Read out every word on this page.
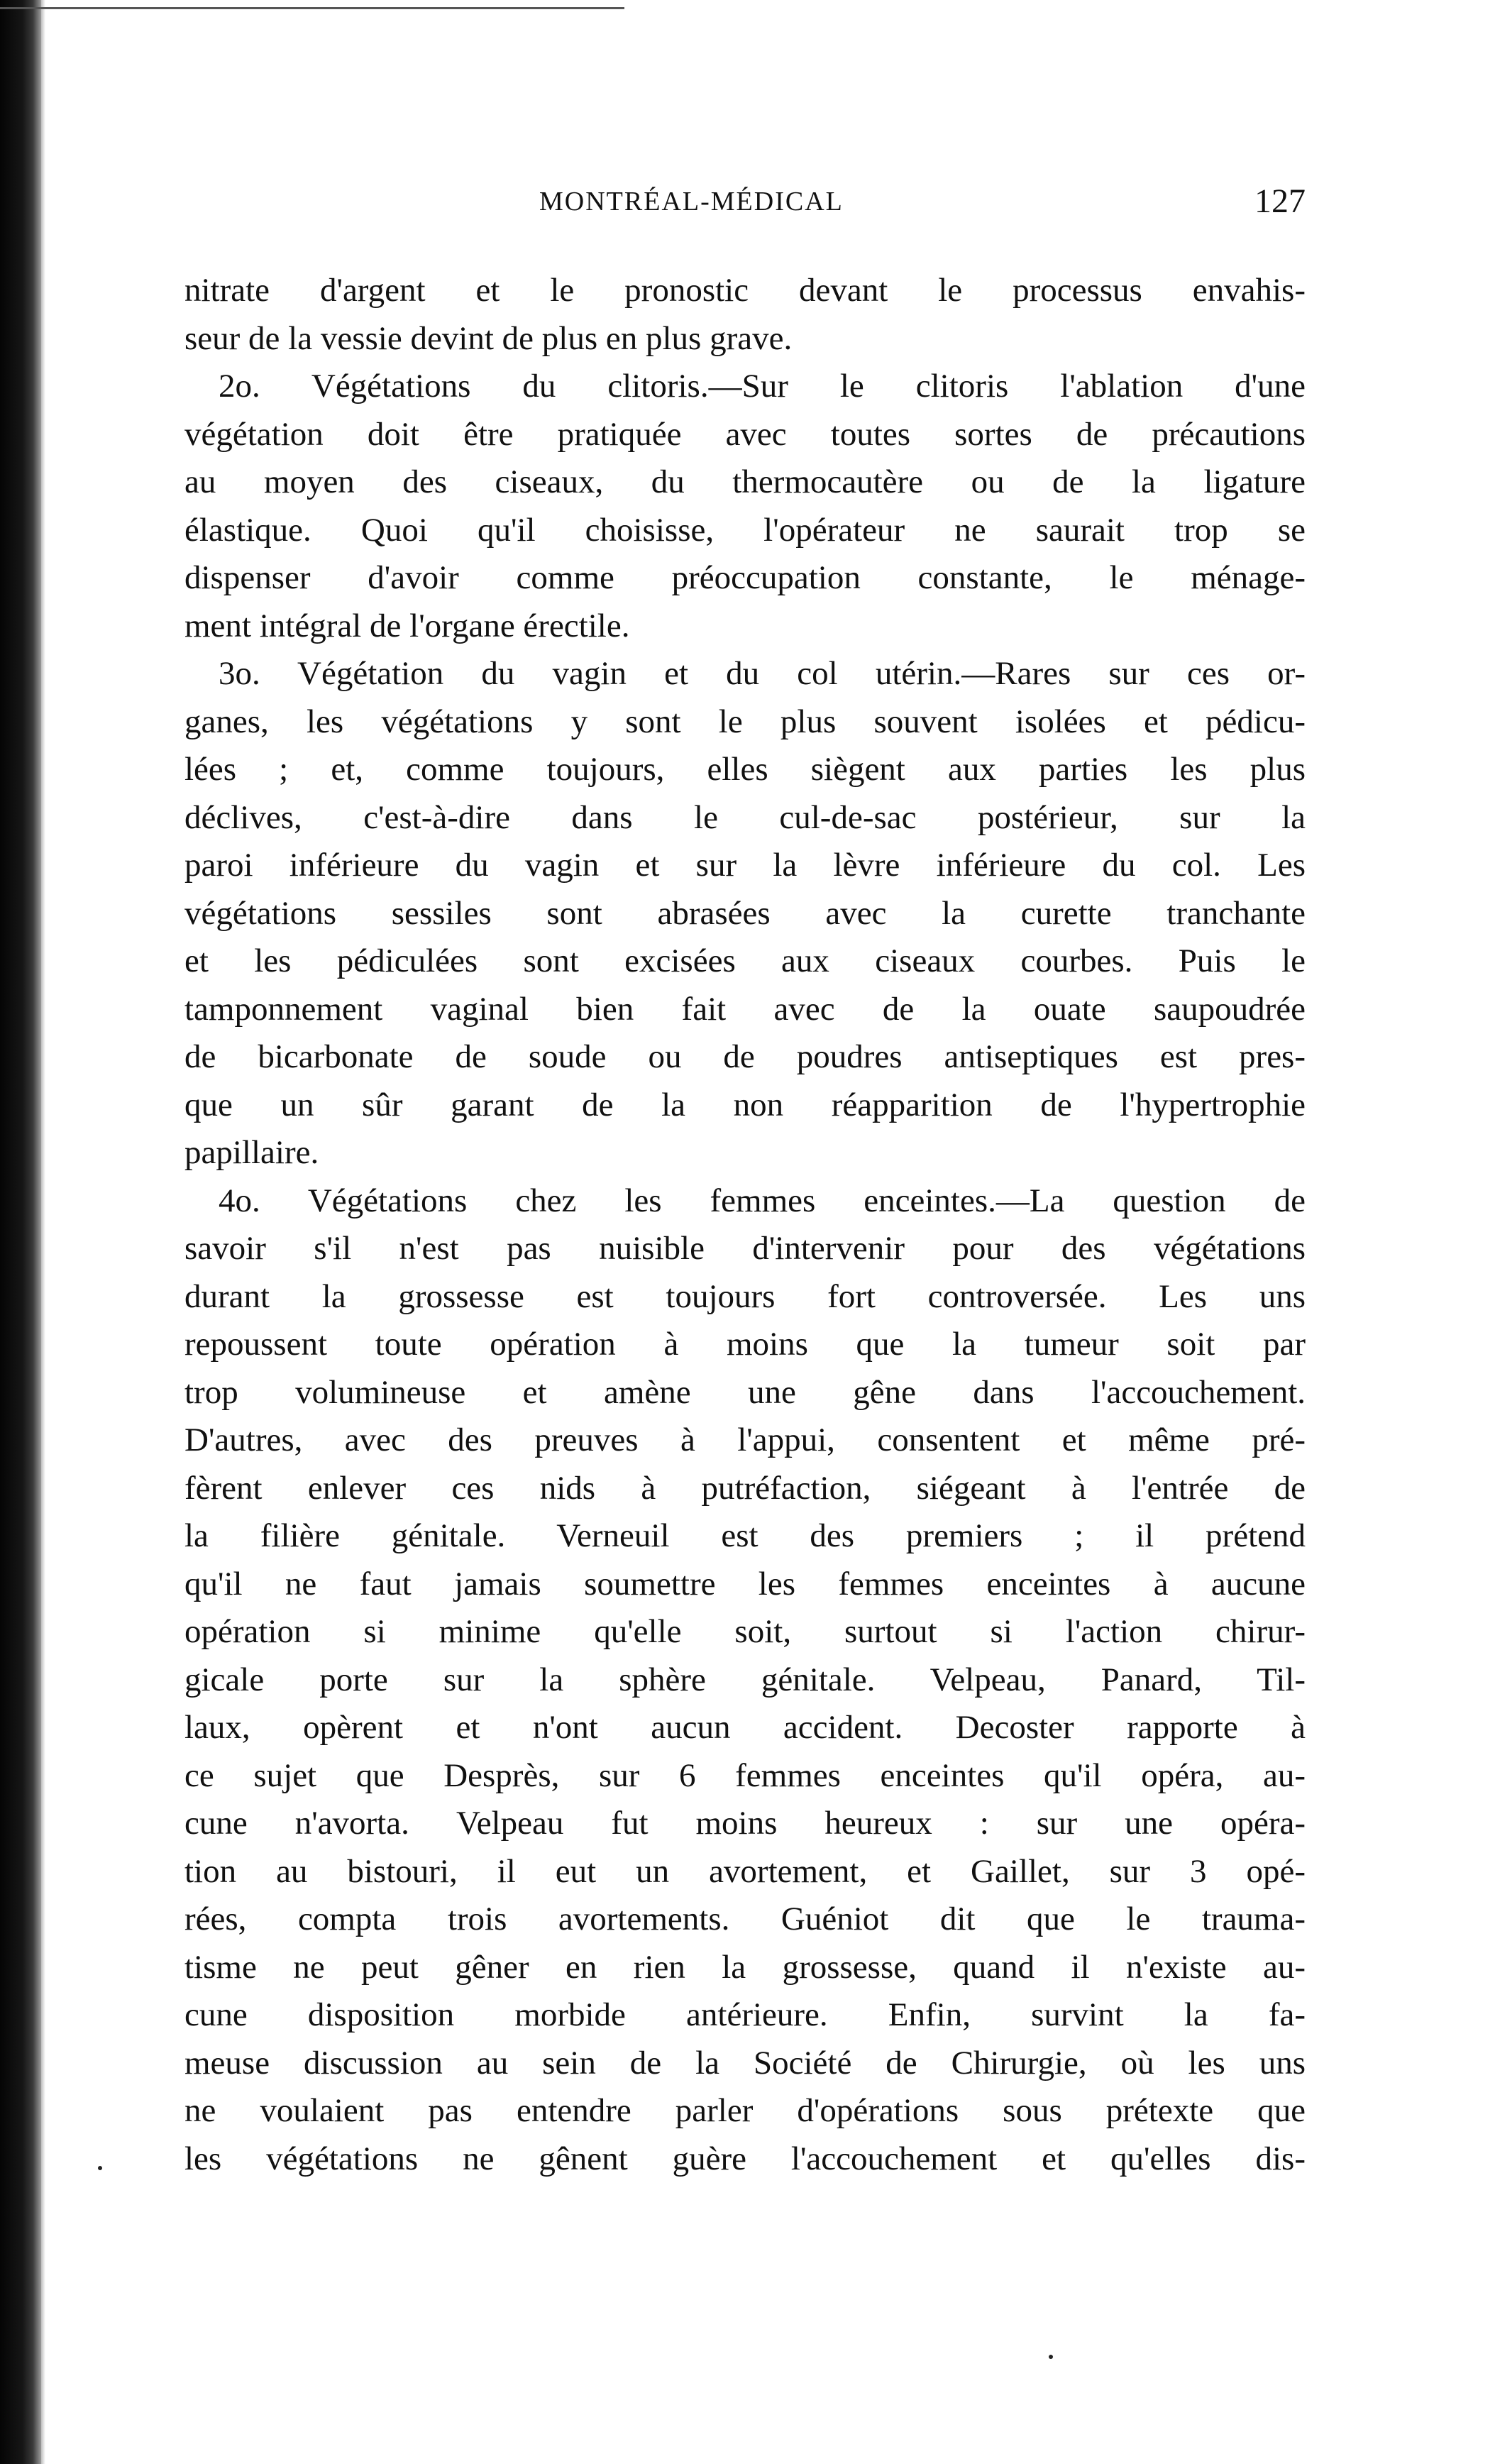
MONTRÉAL-MÉDICAL	127
nitrate d'argent et le pronostic devant le processus envahis-
seur de la vessie devint de plus en plus grave.
2o. Végétations du clitoris.—Sur le clitoris l'ablation d'une
végétation doit être pratiquée avec toutes sortes de précautions
au moyen des ciseaux, du thermocautère ou de la ligature
élastique. Quoi qu'il choisisse, l'opérateur ne saurait trop se
dispenser d'avoir comme préoccupation constante, le ménage-
ment intégral de l'organe érectile.
3o. Végétation du vagin et du col utérin.—Rares sur ces or-
ganes, les végétations y sont le plus souvent isolées et pédicu-
lées ; et, comme toujours, elles siègent aux parties les plus
déclives, c'est-à-dire dans le cul-de-sac postérieur, sur la
paroi inférieure du vagin et sur la lèvre inférieure du col. Les
végétations sessiles sont abrasées avec la curette tranchante
et les pédiculées sont excisées aux ciseaux courbes. Puis le
tamponnement vaginal bien fait avec de la ouate saupoudrée
de bicarbonate de soude ou de poudres antiseptiques est pres-
que un sûr garant de la non réapparition de l'hypertrophie
papillaire.
4o. Végétations chez les femmes enceintes.—La question de
savoir s'il n'est pas nuisible d'intervenir pour des végétations
durant la grossesse est toujours fort controversée. Les uns
repoussent toute opération à moins que la tumeur soit par
trop volumineuse et amène une gêne dans l'accouchement.
D'autres, avec des preuves à l'appui, consentent et même pré-
fèrent enlever ces nids à putréfaction, siégeant à l'entrée de
la filière génitale. Verneuil est des premiers ; il prétend
qu'il ne faut jamais soumettre les femmes enceintes à aucune
opération si minime qu'elle soit, surtout si l'action chirur-
gicale porte sur la sphère génitale. Velpeau, Panard, Til-
laux, opèrent et n'ont aucun accident. Decoster rapporte à
ce sujet que Desprès, sur 6 femmes enceintes qu'il opéra, au-
cune n'avorta. Velpeau fut moins heureux : sur une opéra-
tion au bistouri, il eut un avortement, et Gaillet, sur 3 opé-
rées, compta trois avortements. Guéniot dit que le trauma-
tisme ne peut gêner en rien la grossesse, quand il n'existe au-
cune disposition morbide antérieure. Enfin, survint la fa-
meuse discussion au sein de la Société de Chirurgie, où les uns
ne voulaient pas entendre parler d'opérations sous prétexte que
les végétations ne gênent guère l'accouchement et qu'elles dis-
